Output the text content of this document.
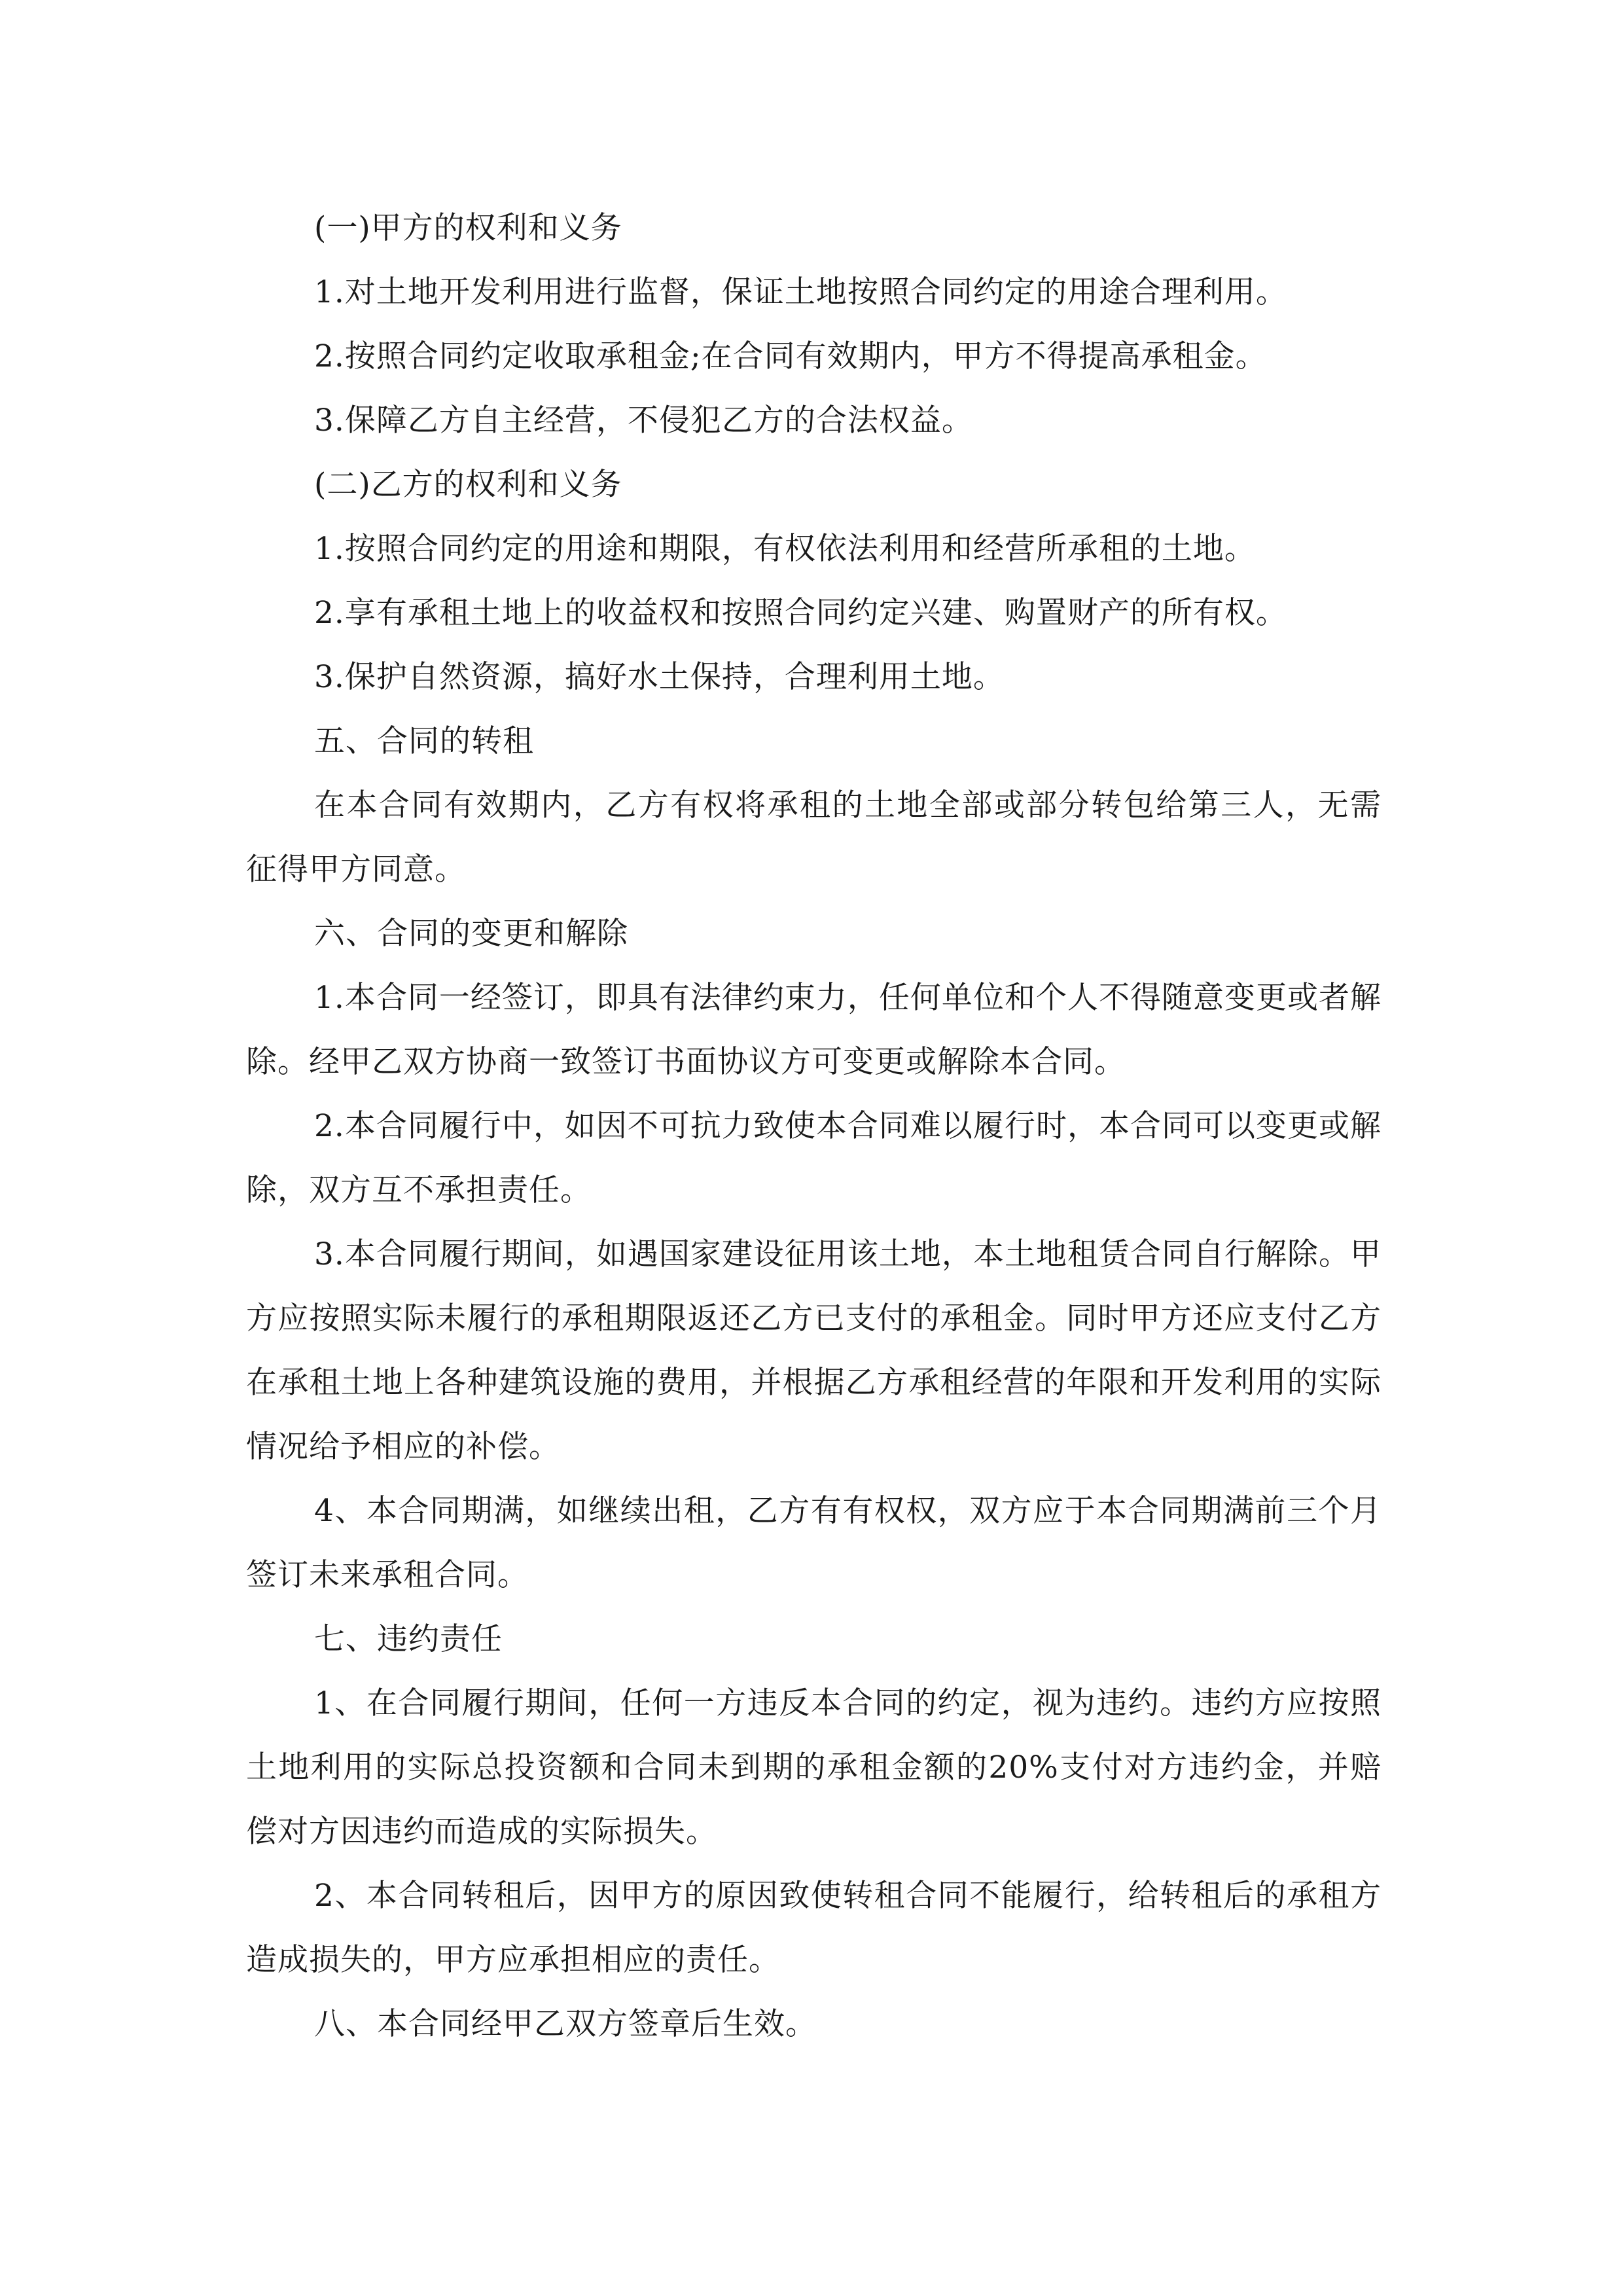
(一)甲方的权利和义务

1.对土地开发利用进行监督，保证土地按照合同约定的用途合理利用。

2.按照合同约定收取承租金;在合同有效期内，甲方不得提高承租金。

3.保障乙方自主经营，不侵犯乙方的合法权益。

(二)乙方的权利和义务

1.按照合同约定的用途和期限，有权依法利用和经营所承租的土地。

2.享有承租土地上的收益权和按照合同约定兴建、购置财产的所有权。

3.保护自然资源，搞好水土保持，合理利用土地。

五、合同的转租

在本合同有效期内，乙方有权将承租的土地全部或部分转包给第三人，无需征得甲方同意。

六、合同的变更和解除

1.本合同一经签订，即具有法律约束力，任何单位和个人不得随意变更或者解除。经甲乙双方协商一致签订书面协议方可变更或解除本合同。

2.本合同履行中，如因不可抗力致使本合同难以履行时，本合同可以变更或解除，双方互不承担责任。

3.本合同履行期间，如遇国家建设征用该土地，本土地租赁合同自行解除。甲方应按照实际未履行的承租期限返还乙方已支付的承租金。同时甲方还应支付乙方在承租土地上各种建筑设施的费用，并根据乙方承租经营的年限和开发利用的实际情况给予相应的补偿。

4、本合同期满，如继续出租，乙方有有权权，双方应于本合同期满前三个月签订未来承租合同。

七、违约责任

1、在合同履行期间，任何一方违反本合同的约定，视为违约。违约方应按照土地利用的实际总投资额和合同未到期的承租金额的20%支付对方违约金，并赔偿对方因违约而造成的实际损失。

2、本合同转租后，因甲方的原因致使转租合同不能履行，给转租后的承租方造成损失的，甲方应承担相应的责任。

八、本合同经甲乙双方签章后生效。
